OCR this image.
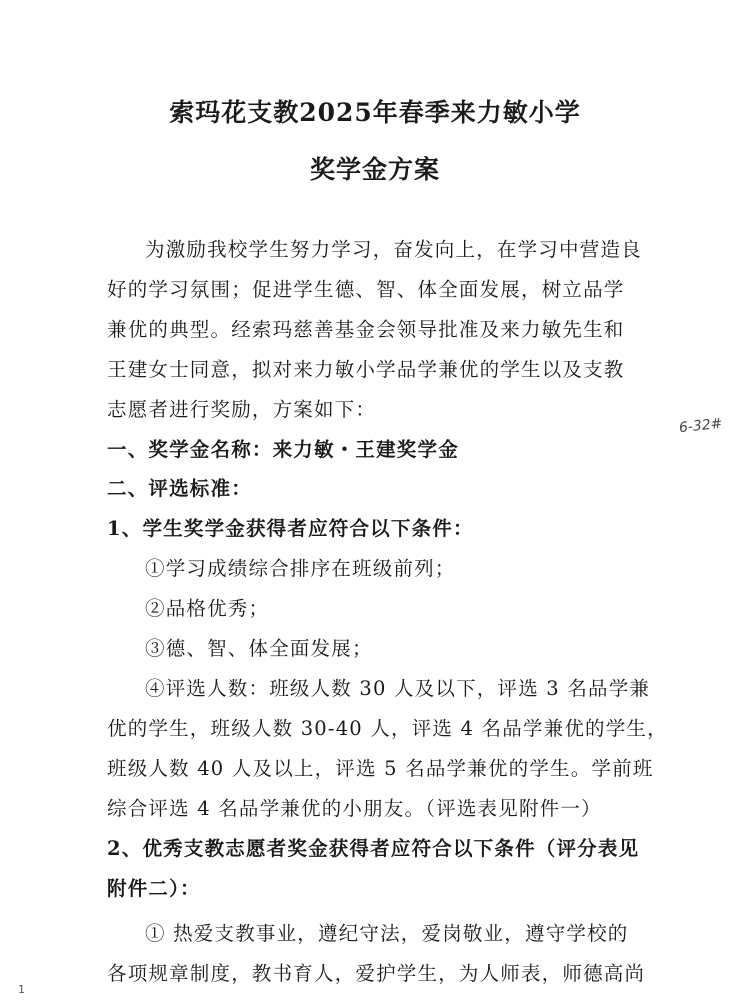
索玛花支教2025年春季来力敏小学
奖学金方案
为激励我校学生努力学习，奋发向上，在学习中营造良
好的学习氛围；促进学生德、智、体全面发展，树立品学
兼优的典型。经索玛慈善基金会领导批准及来力敏先生和
王建女士同意，拟对来力敏小学品学兼优的学生以及支教
志愿者进行奖励，方案如下：
一、奖学金名称：来力敏・王建奖学金
二、评选标准：
1、学生奖学金获得者应符合以下条件：
①学习成绩综合排序在班级前列；
②品格优秀；
③德、智、体全面发展；
④评选人数：班级人数 30 人及以下，评选 3 名品学兼
优的学生，班级人数 30-40 人，评选 4 名品学兼优的学生，
班级人数 40 人及以上，评选 5 名品学兼优的学生。学前班
综合评选 4 名品学兼优的小朋友。（评选表见附件一）
2、优秀支教志愿者奖金获得者应符合以下条件（评分表见
附件二）：
① 热爱支教事业，遵纪守法，爱岗敬业，遵守学校的
各项规章制度，教书育人，爱护学生，为人师表，师德高尚
6-32#
1
